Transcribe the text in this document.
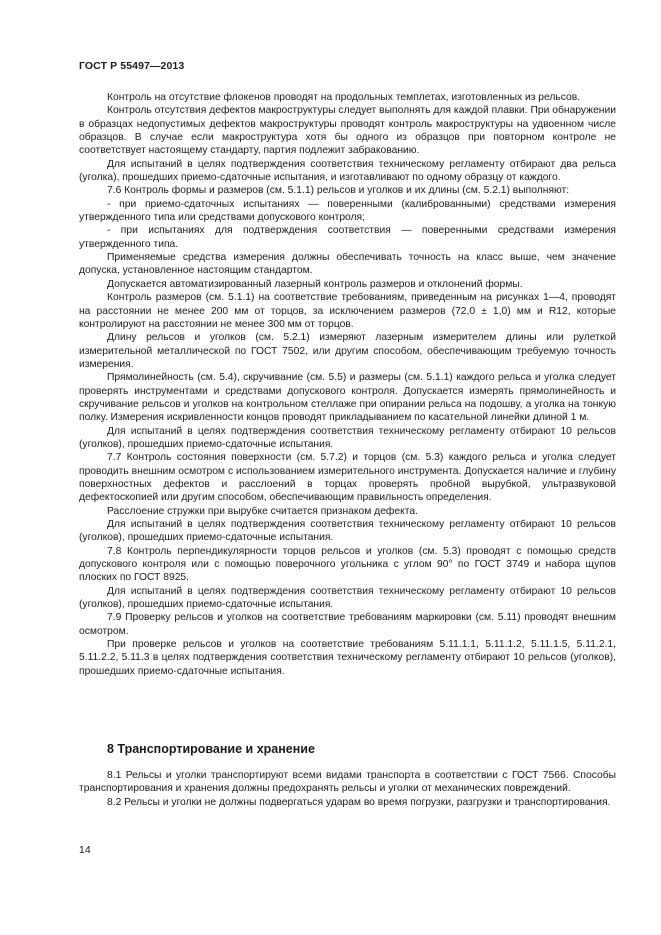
ГОСТ Р 55497—2013

Контроль на отсутствие флокенов проводят на продольных темплетах, изготовленных из рельсов.

Контроль отсутствия дефектов макроструктуры следует выполнять для каждой плавки. При обнаружении в образцах недопустимых дефектов макроструктуры проводят контроль макроструктуры на удвоенном числе образцов. В случае если макроструктура хотя бы одного из образцов при повторном контроле не соответствует настоящему стандарту, партия подлежит забракованию.

Для испытаний в целях подтверждения соответствия техническому регламенту отбирают два рельса (уголка), прошедших приемо-сдаточные испытания, и изготавливают по одному образцу от каждого.

7.6 Контроль формы и размеров (см. 5.1.1) рельсов и уголков и их длины (см. 5.2.1) выполняют:

- при приемо-сдаточных испытаниях — поверенными (калиброванными) средствами измерения утвержденного типа или средствами допускового контроля;

- при испытаниях для подтверждения соответствия — поверенными средствами измерения утвержденного типа.

Применяемые средства измерения должны обеспечивать точность на класс выше, чем значение допуска, установленное настоящим стандартом.

Допускается автоматизированный лазерный контроль размеров и отклонений формы.

Контроль размеров (см. 5.1.1) на соответствие требованиям, приведенным на рисунках 1—4, проводят на расстоянии не менее 200 мм от торцов, за исключением размеров (72,0 ± 1,0) мм и R12, которые контролируют на расстоянии не менее 300 мм от торцов.

Длину рельсов и уголков (см. 5.2.1) измеряют лазерным измерителем длины или рулеткой измерительной металлической по ГОСТ 7502, или другим способом, обеспечивающим требуемую точность измерения.

Прямолинейность (см. 5.4), скручивание (см. 5.5) и размеры (см. 5.1.1) каждого рельса и уголка следует проверять инструментами и средствами допускового контроля. Допускается измерять прямолинейность и скручивание рельсов и уголков на контрольном стеллаже при опирании рельса на подошву, а уголка на тонкую полку. Измерения искривленности концов проводят прикладыванием по касательной линейки длиной 1 м.

Для испытаний в целях подтверждения соответствия техническому регламенту отбирают 10 рельсов (уголков), прошедших приемо-сдаточные испытания.

7.7 Контроль состояния поверхности (см. 5.7.2) и торцов (см. 5.3) каждого рельса и уголка следует проводить внешним осмотром с использованием измерительного инструмента. Допускается наличие и глубину поверхностных дефектов и расслоений в торцах проверять пробной вырубкой, ультразвуковой дефектоскопией или другим способом, обеспечивающим правильность определения.

Расслоение стружки при вырубке считается признаком дефекта.

Для испытаний в целях подтверждения соответствия техническому регламенту отбирают 10 рельсов (уголков), прошедших приемо-сдаточные испытания.

7.8 Контроль перпендикулярности торцов рельсов и уголков (см. 5.3) проводят с помощью средств допускового контроля или с помощью поверочного угольника с углом 90° по ГОСТ 3749 и набора щупов плоских по ГОСТ 8925.

Для испытаний в целях подтверждения соответствия техническому регламенту отбирают 10 рельсов (уголков), прошедших приемо-сдаточные испытания.

7.9 Проверку рельсов и уголков на соответствие требованиям маркировки (см. 5.11) проводят внешним осмотром.

При проверке рельсов и уголков на соответствие требованиям 5.11.1.1, 5.11.1.2, 5.11.1.5, 5.11.2.1, 5.11.2.2, 5.11.3 в целях подтверждения соответствия техническому регламенту отбирают 10 рельсов (уголков), прошедших приемо-сдаточные испытания.

8 Транспортирование и хранение

8.1 Рельсы и уголки транспортируют всеми видами транспорта в соответствии с ГОСТ 7566. Способы транспортирования и хранения должны предохранять рельсы и уголки от механических повреждений.

8.2 Рельсы и уголки не должны подвергаться ударам во время погрузки, разгрузки и транспортирования.

14
